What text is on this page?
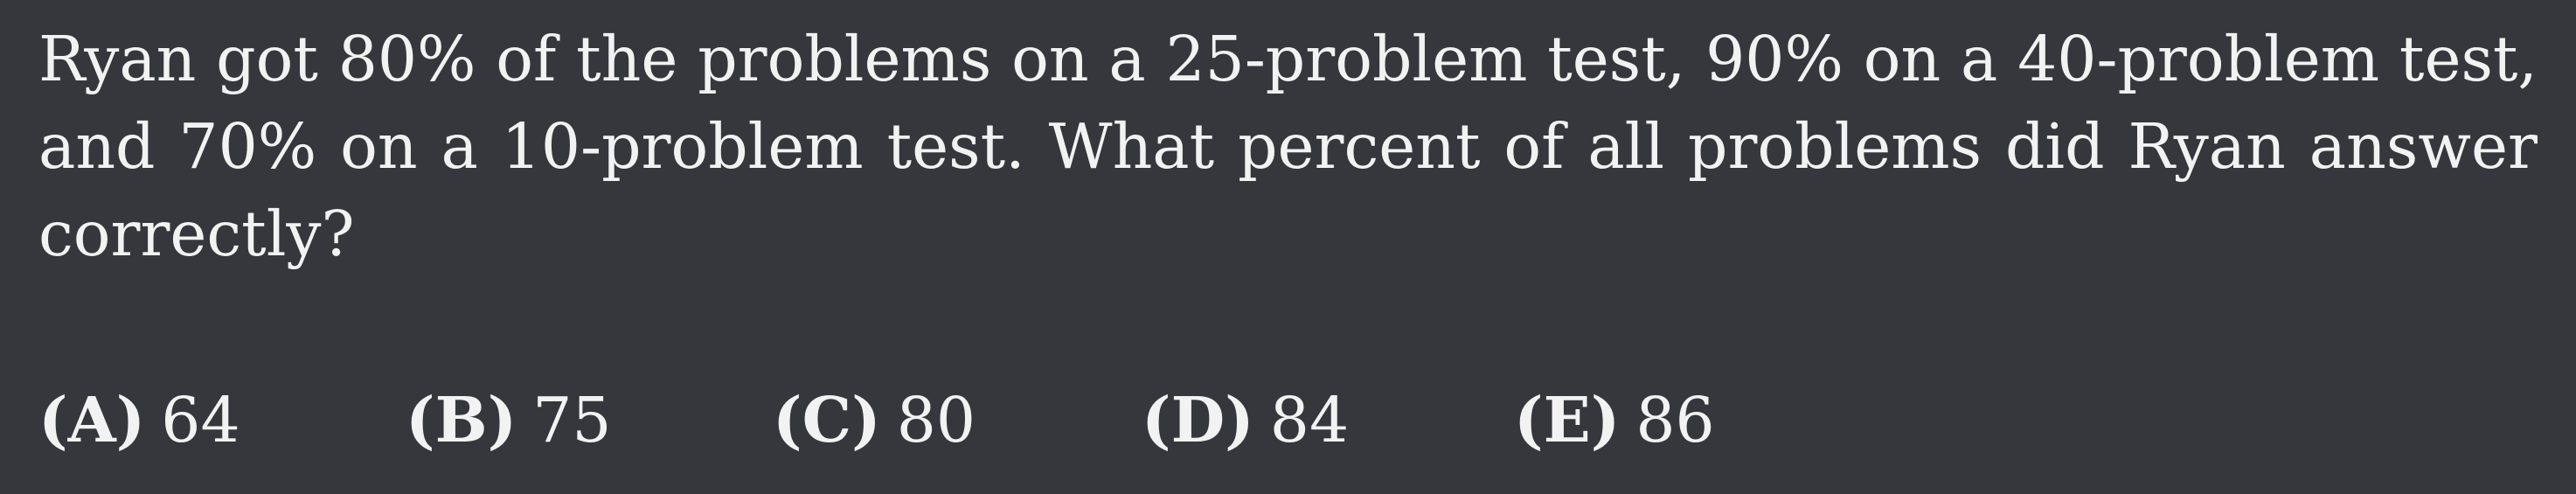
Ryan got 80% of the problems on a 25-problem test, 90% on a 40-problem test, and 70% on a 10-problem test. What percent of all problems did Ryan answer correctly?

(A) 64	(B) 75	(C) 80	(D) 84	(E) 86
